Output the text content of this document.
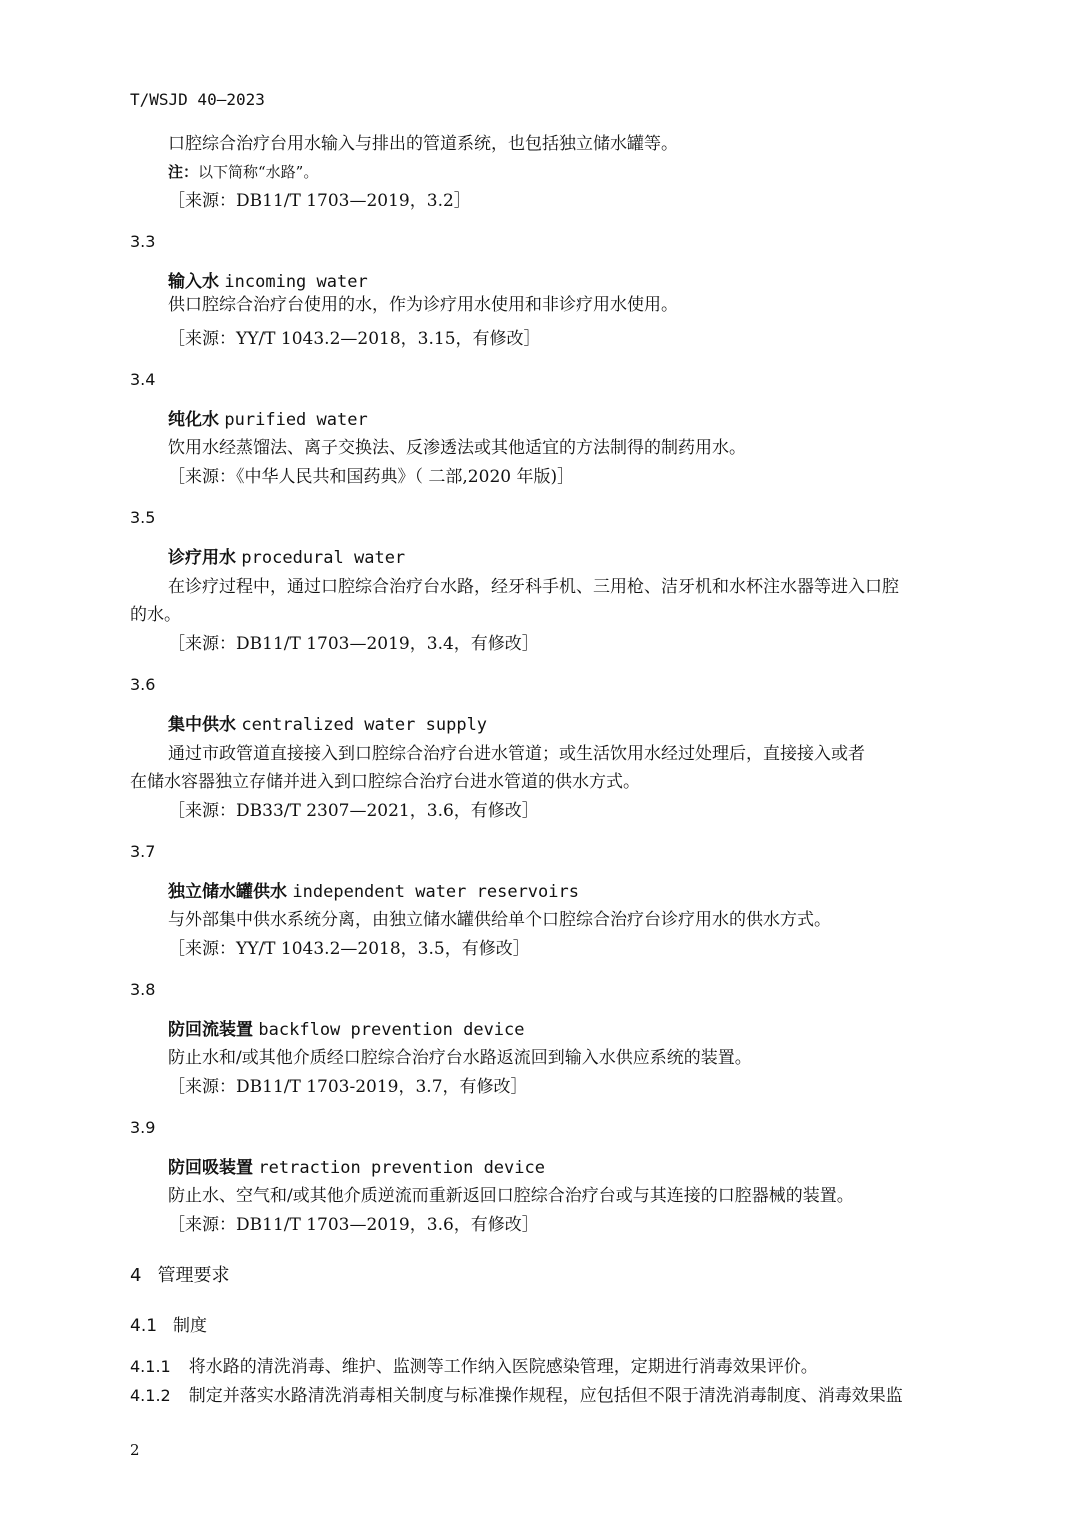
T/WSJD 40—2023
口腔综合治疗台用水输入与排出的管道系统，也包括独立储水罐等。
注：以下简称“水路”。
［来源：DB11/T 1703—2019，3.2］
3.3
输入水 incoming water
供口腔综合治疗台使用的水，作为诊疗用水使用和非诊疗用水使用。
［来源：YY/T 1043.2—2018，3.15，有修改］
3.4
纯化水 purified water
饮用水经蒸馏法、离子交换法、反渗透法或其他适宜的方法制得的制药用水。
［来源：《中华人民共和国药典》（ 二部,2020 年版)］
3.5
诊疗用水 procedural water
在诊疗过程中，通过口腔综合治疗台水路，经牙科手机、三用枪、洁牙机和水杯注水器等进入口腔
的水。
［来源：DB11/T 1703—2019，3.4，有修改］
3.6
集中供水 centralized water supply
通过市政管道直接接入到口腔综合治疗台进水管道；或生活饮用水经过处理后，直接接入或者
在储水容器独立存储并进入到口腔综合治疗台进水管道的供水方式。
［来源：DB33/T 2307—2021，3.6，有修改］
3.7
独立储水罐供水 independent water reservoirs
与外部集中供水系统分离，由独立储水罐供给单个口腔综合治疗台诊疗用水的供水方式。
［来源：YY/T 1043.2—2018，3.5，有修改］
3.8
防回流装置 backflow prevention device
防止水和/或其他介质经口腔综合治疗台水路返流回到输入水供应系统的装置。
［来源：DB11/T 1703-2019，3.7，有修改］
3.9
防回吸装置 retraction prevention device
防止水、空气和/或其他介质逆流而重新返回口腔综合治疗台或与其连接的口腔器械的装置。
［来源：DB11/T 1703—2019，3.6，有修改］
4 管理要求
4.1 制度
4.1.1 将水路的清洗消毒、维护、监测等工作纳入医院感染管理，定期进行消毒效果评价。
4.1.2 制定并落实水路清洗消毒相关制度与标准操作规程，应包括但不限于清洗消毒制度、消毒效果监
2
